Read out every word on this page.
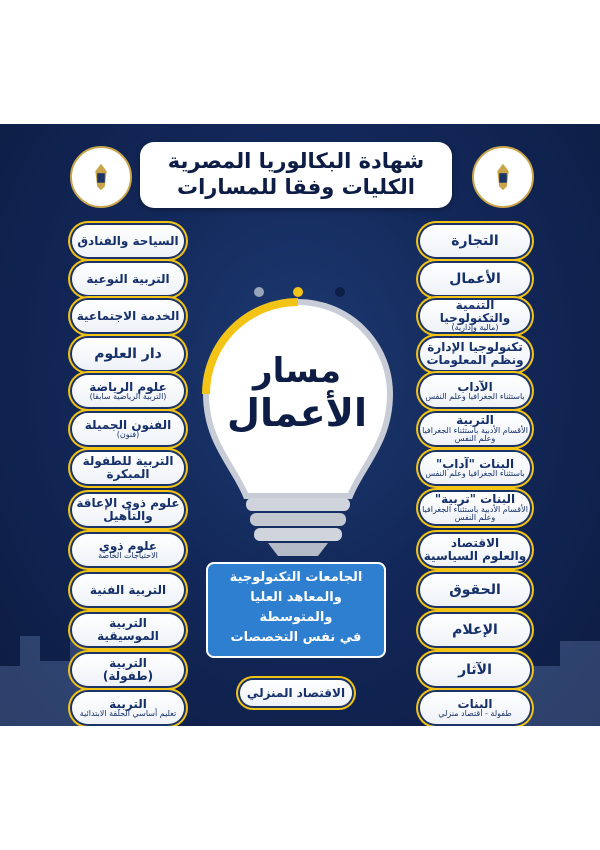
شهادة البكالوريا المصرية
الكليات وفقا للمسارات
مسار
الأعمال
الجامعات التكنولوجية
والمعاهد العليا
والمتوسطة
في نفس التخصصات
الاقتصاد المنزلي
السياحة والفنادق
التربية النوعية
الخدمة الاجتماعية
دار العلوم
علوم الرياضة
(التربية الرياضية سابقا)
الفنون الجميلة
(فنون)
التربية للطفولة
المبكرة
علوم ذوي الإعاقة
والتأهيل
علوم ذوي
الاحتياجات الخاصة
التربية الفنية
التربية
الموسيقية
التربية
(طفولة)
التربية
تعليم أساسي الحلقة الابتدائية
التجارة
الأعمال
التنمية والتكنولوجيا
(مالية وإدارية)
تكنولوجيا الإدارة
ونظم المعلومات
الآداب
باستثناء الجغرافيا وعلم النفس
التربية
الأقسام الأدبية باستثناء الجغرافيا وعلم النفس
البنات "آداب"
باستثناء الجغرافيا وعلم النفس
البنات "تربية"
الأقسام الأدبية باستثناء الجغرافيا وعلم النفس
الاقتصاد
والعلوم السياسية
الحقوق
الإعلام
الآثار
البنات
طفولة - اقتصاد منزلي
